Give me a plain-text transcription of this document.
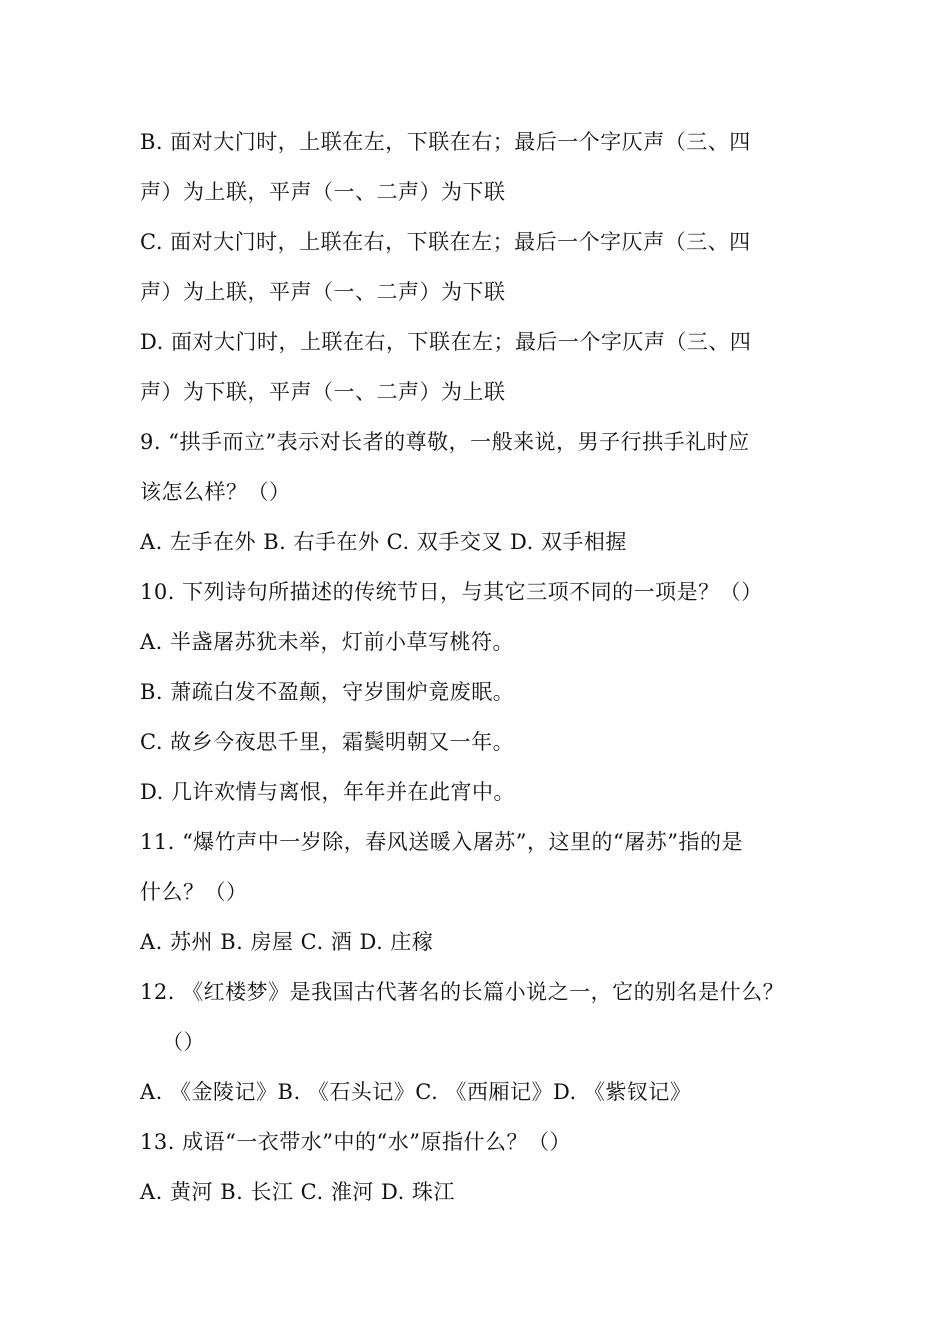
B. 面对大门时，上联在左，下联在右；最后一个字仄声（三、四
声）为上联，平声（一、二声）为下联
C. 面对大门时，上联在右，下联在左；最后一个字仄声（三、四
声）为上联，平声（一、二声）为下联
D. 面对大门时，上联在右，下联在左；最后一个字仄声（三、四
声）为下联，平声（一、二声）为上联
9. “拱手而立”表示对长者的尊敬，一般来说，男子行拱手礼时应
该怎么样？（）
A. 左手在外 B. 右手在外 C. 双手交叉 D. 双手相握
10. 下列诗句所描述的传统节日，与其它三项不同的一项是？（）
A. 半盏屠苏犹未举，灯前小草写桃符。
B. 萧疏白发不盈颠，守岁围炉竟废眠。
C. 故乡今夜思千里，霜鬓明朝又一年。
D. 几许欢情与离恨，年年并在此宵中。
11. “爆竹声中一岁除，春风送暖入屠苏”，这里的“屠苏”指的是
什么？（）
A. 苏州 B. 房屋 C. 酒 D. 庄稼
12. 《红楼梦》是我国古代著名的长篇小说之一，它的别名是什么？
（）
A. 《金陵记》B. 《石头记》C. 《西厢记》D. 《紫钗记》
13. 成语“一衣带水”中的“水”原指什么？（）
A. 黄河 B. 长江 C. 淮河 D. 珠江
